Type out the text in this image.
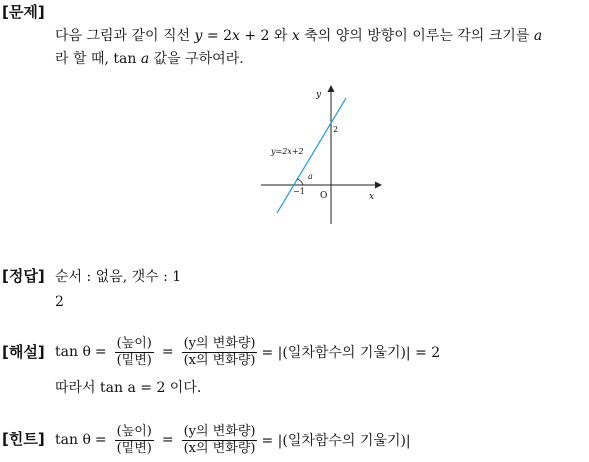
[문제]
다음 그림과 같이 직선 y = 2x + 2 와 x 축의 양의 방향이 이루는 각의 크기를 a
라 할 때, tan a 값을 구하여라.
y
x
O
2
−1
a
y=2x+2
[정답] 순서 : 없음, 갯수 : 1
2
[해설] $\tan \theta = \frac{\text{(높이)}}{\text{(밑변)}} = \frac{\text{(y의 변화량)}}{\text{(x의 변화량)}}$ = |(일차함수의 기울기)| = 2
따라서 tan a = 2 이다.
[힌트] $\tan \theta = \frac{\text{(높이)}}{\text{(밑변)}} = \frac{\text{(y의 변화량)}}{\text{(x의 변화량)}}$ = |(일차함수의 기울기)|
